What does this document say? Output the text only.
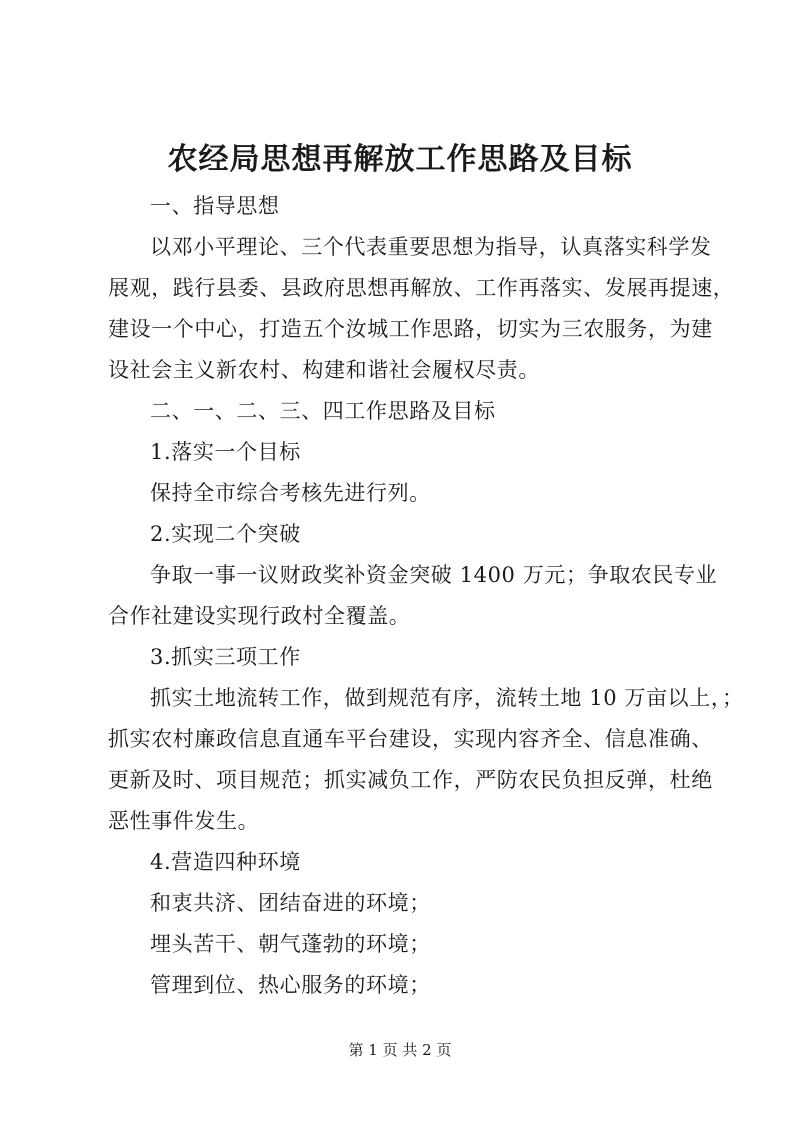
农经局思想再解放工作思路及目标
一、指导思想
以邓小平理论、三个代表重要思想为指导，认真落实科学发
展观，践行县委、县政府思想再解放、工作再落实、发展再提速，
建设一个中心，打造五个汝城工作思路，切实为三农服务，为建
设社会主义新农村、构建和谐社会履权尽责。
二、一、二、三、四工作思路及目标
1.落实一个目标
保持全市综合考核先进行列。
2.实现二个突破
争取一事一议财政奖补资金突破 1400 万元；争取农民专业
合作社建设实现行政村全覆盖。
3.抓实三项工作
抓实土地流转工作，做到规范有序，流转土地 10 万亩以上，；
抓实农村廉政信息直通车平台建设，实现内容齐全、信息准确、
更新及时、项目规范；抓实减负工作，严防农民负担反弹，杜绝
恶性事件发生。
4.营造四种环境
和衷共济、团结奋进的环境；
埋头苦干、朝气蓬勃的环境；
管理到位、热心服务的环境；
第 1 页 共 2 页
